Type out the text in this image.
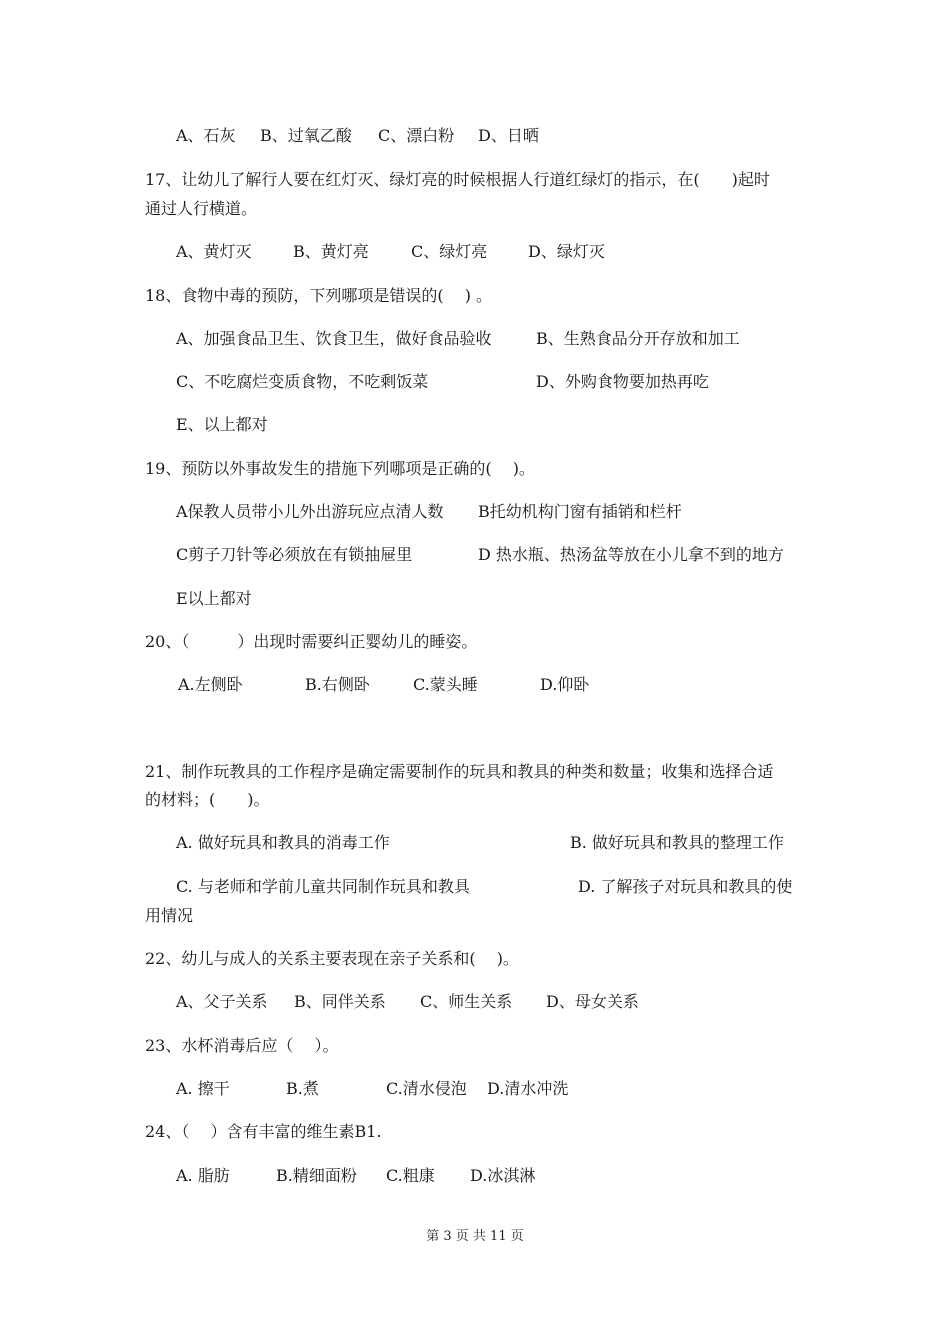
A、石灰 B、过氧乙酸 C、漂白粉 D、日晒
17、让幼儿了解行人要在红灯灭、绿灯亮的时候根据人行道红绿灯的指示，在(　　)起时
通过人行横道。
A、黄灯灭	B、黄灯亮	C、绿灯亮	D、绿灯灭
18、食物中毒的预防，下列哪项是错误的(　 ) 。
A、加强食品卫生、饮食卫生，做好食品验收	B、生熟食品分开存放和加工
C、不吃腐烂变质食物，不吃剩饭菜	D、外购食物要加热再吃
E、以上都对
19、预防以外事故发生的措施下列哪项是正确的(　 )。
A保教人员带小儿外出游玩应点清人数 B托幼机构门窗有插销和栏杆
C剪子刀针等必须放在有锁抽屉里	D 热水瓶、热汤盆等放在小儿拿不到的地方
E以上都对
20、（　　　）出现时需要纠正婴幼儿的睡姿。
A.左侧卧	B.右侧卧	C.蒙头睡	D.仰卧
21、制作玩教具的工作程序是确定需要制作的玩具和教具的种类和数量；收集和选择合适
的材料；(　　)。
A. 做好玩具和教具的消毒工作	B. 做好玩具和教具的整理工作
C. 与老师和学前儿童共同制作玩具和教具	D. 了解孩子对玩具和教具的使
用情况
22、幼儿与成人的关系主要表现在亲子关系和(　 )。
A、父子关系 B、同伴关系 C、师生关系 D、母女关系
23、水杯消毒后应（　 ）。
A. 擦干	B.煮	C.清水侵泡 D.清水冲洗
24、（　 ）含有丰富的维生素B1.
A. 脂肪	B.精细面粉 C.粗康 D.冰淇淋
第 3 页 共 11 页
